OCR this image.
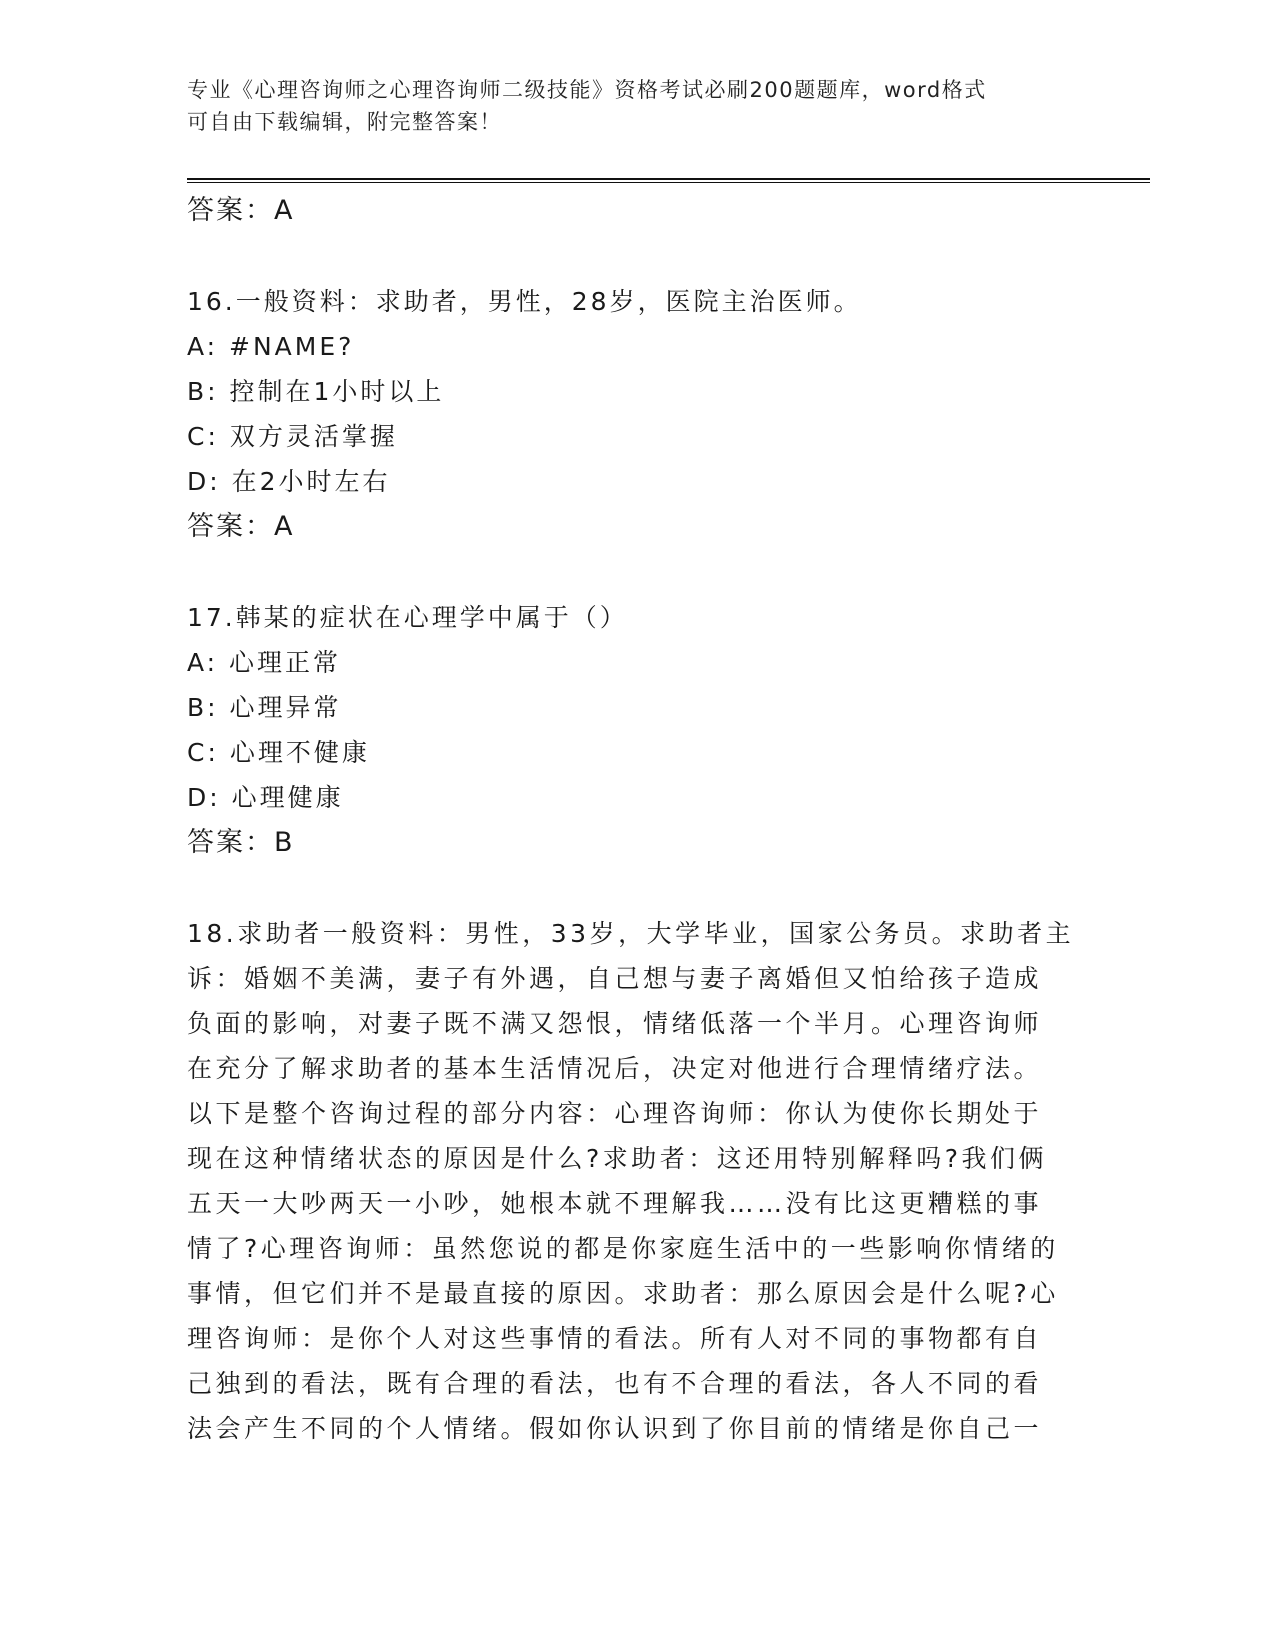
专业《心理咨询师之心理咨询师二级技能》资格考试必刷200题题库，word格式
可自由下载编辑，附完整答案！
答案：A
16.一般资料：求助者，男性，28岁，医院主治医师。
A: #NAME?
B: 控制在1小时以上
C: 双方灵活掌握
D: 在2小时左右
答案：A
17.韩某的症状在心理学中属于（）
A: 心理正常
B: 心理异常
C: 心理不健康
D: 心理健康
答案：B
18.求助者一般资料：男性，33岁，大学毕业，国家公务员。求助者主
诉：婚姻不美满，妻子有外遇，自己想与妻子离婚但又怕给孩子造成
负面的影响，对妻子既不满又怨恨，情绪低落一个半月。心理咨询师
在充分了解求助者的基本生活情况后，决定对他进行合理情绪疗法。
以下是整个咨询过程的部分内容：心理咨询师：你认为使你长期处于
现在这种情绪状态的原因是什么?求助者：这还用特别解释吗?我们俩
五天一大吵两天一小吵，她根本就不理解我……没有比这更糟糕的事
情了?心理咨询师：虽然您说的都是你家庭生活中的一些影响你情绪的
事情，但它们并不是最直接的原因。求助者：那么原因会是什么呢?心
理咨询师：是你个人对这些事情的看法。所有人对不同的事物都有自
己独到的看法，既有合理的看法，也有不合理的看法，各人不同的看
法会产生不同的个人情绪。假如你认识到了你目前的情绪是你自己一
